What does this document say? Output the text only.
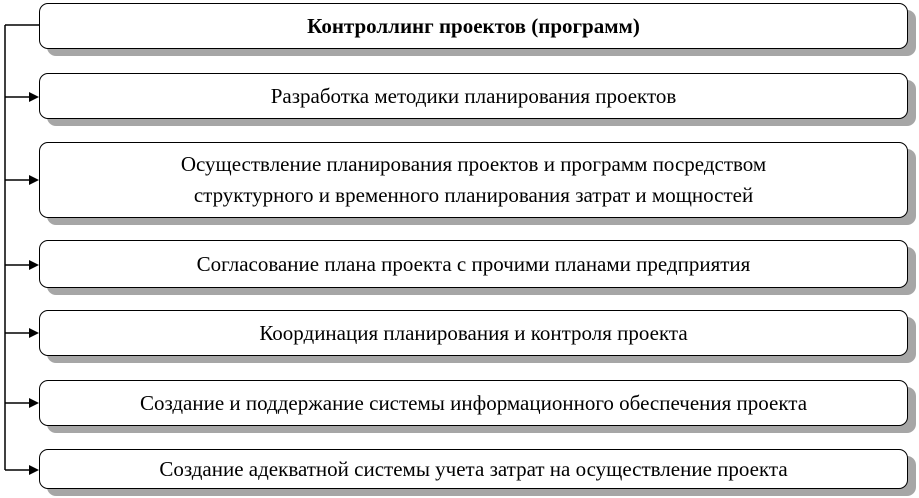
Контроллинг проектов (программ)
Разработка методики планирования проектов
Осуществление планирования проектов и программ посредством
структурного и временного планирования затрат и мощностей
Согласование плана проекта с прочими планами предприятия
Координация планирования и контроля проекта
Создание и поддержание системы информационного обеспечения проекта
Создание адекватной системы учета затрат на осуществление проекта
